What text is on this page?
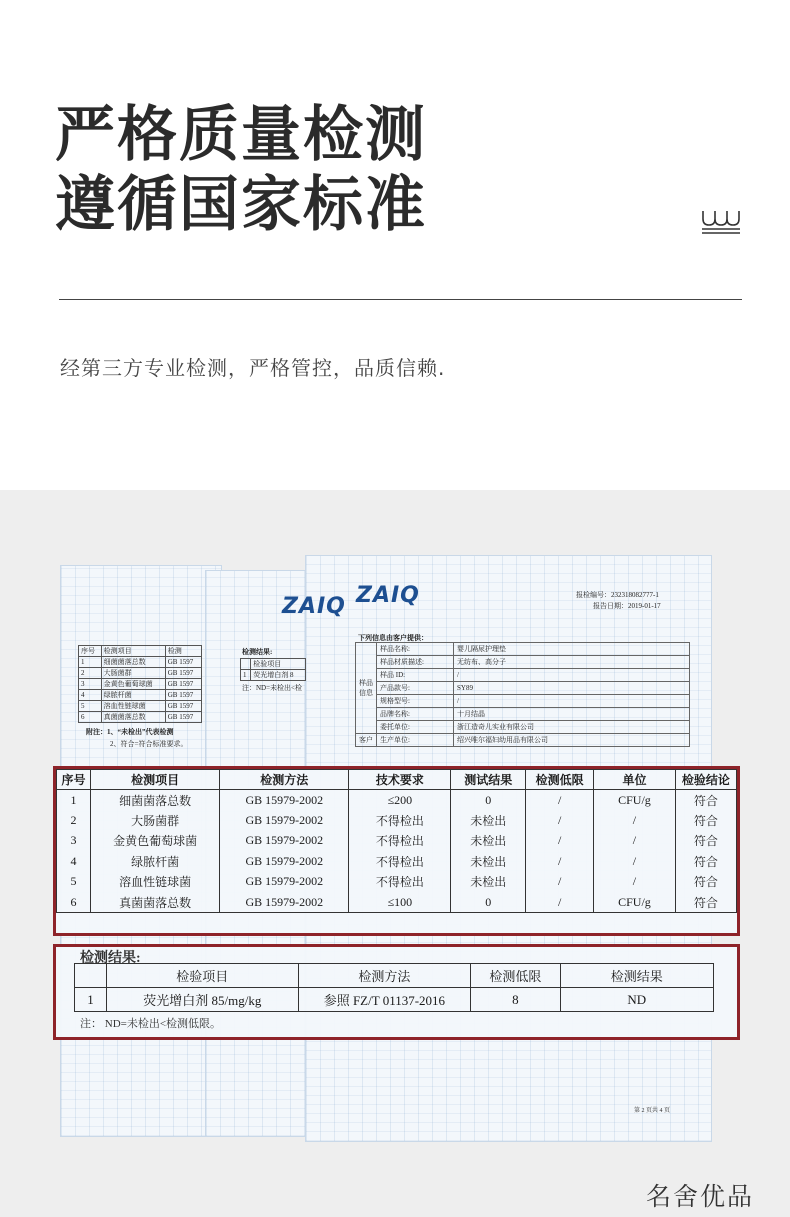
严格质量检测
遵循国家标准
经第三方专业检测，严格管控，品质信赖.
ZAIQ ZAIQ	报检编号：232318082777-1
报告日期：2019-01-17
下列信息由客户提供：
序号	检测项目	检测
1	细菌菌落总数	GB 1597
2	大肠菌群	GB 1597
3	金黄色葡萄球菌	GB 1597
4	绿脓杆菌	GB 1597
5	溶血性链球菌	GB 1597
6	真菌菌落总数	GB 1597
附注：1、“未检出”代表检测
2、符合=符合标准要求。
检测结果:
	检验项目
1	荧光增白剂 8
注：ND=未检出<检
样品信息	样品名称:	婴儿隔尿护理垫
	样品材质描述:	无纺布、高分子
	样品 ID:	/
	产品款号:	SY89
	规格型号:	/
	品牌名称:	十月结晶
	委托单位:	浙江造奇儿实业有限公司
客户	生产单位:	绍兴唯尔福妇幼用品有限公司
序号	检测项目	检测方法	技术要求	测试结果	检测低限	单位	检验结论
1	细菌菌落总数	GB 15979-2002	≤200	0	/	CFU/g	符合
2	大肠菌群	GB 15979-2002	不得检出	未检出	/	/	符合
3	金黄色葡萄球菌	GB 15979-2002	不得检出	未检出	/	/	符合
4	绿脓杆菌	GB 15979-2002	不得检出	未检出	/	/	符合
5	溶血性链球菌	GB 15979-2002	不得检出	未检出	/	/	符合
6	真菌菌落总数	GB 15979-2002	≤100	0	/	CFU/g	符合
检测结果:
	检验项目	检测方法	检测低限	检测结果
1	荧光增白剂 85/mg/kg	参照 FZ/T 01137-2016	8	ND
注： ND=未检出<检测低限。
第 2 页共 4 页
名舍优品
